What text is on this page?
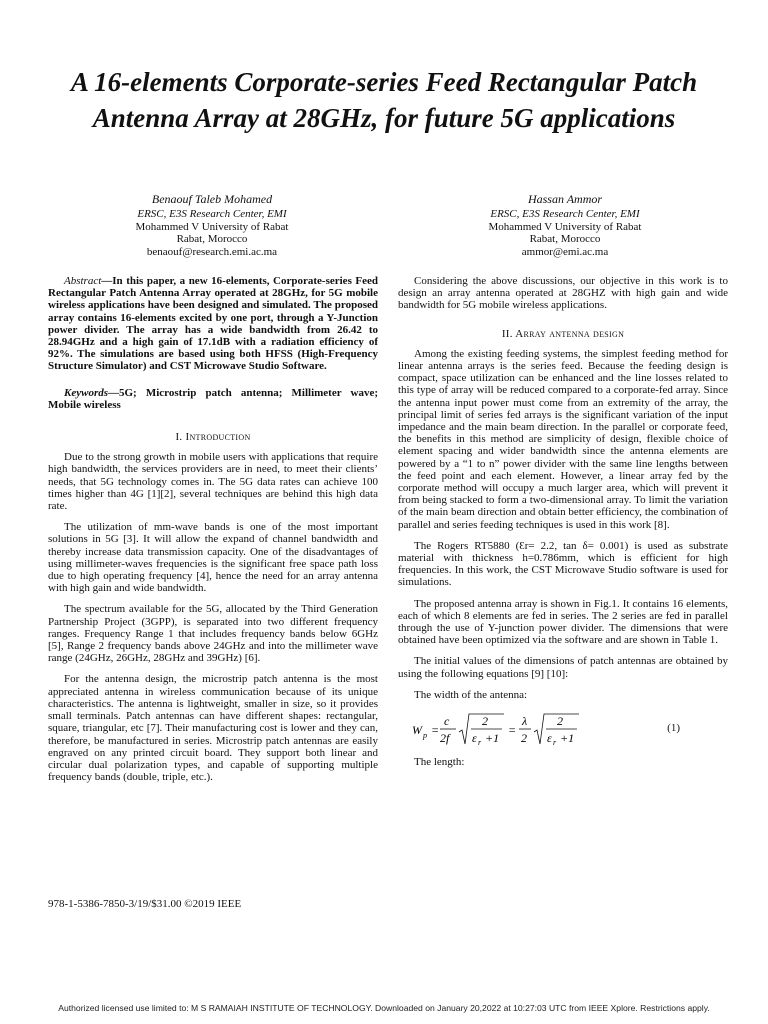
A 16-elements Corporate-series Feed Rectangular Patch Antenna Array at 28GHz, for future 5G applications
Benaouf Taleb Mohamed
ERSC, E3S Research Center, EMI
Mohammed V University of Rabat
Rabat, Morocco
benaouf@research.emi.ac.ma
Hassan Ammor
ERSC, E3S Research Center, EMI
Mohammed V University of Rabat
Rabat, Morocco
ammor@emi.ac.ma

Abstract—In this paper, a new 16-elements, Corporate-series Feed Rectangular Patch Antenna Array operated at 28GHz, for 5G mobile wireless applications have been designed and simulated. The proposed array contains 16-elements excited by one port, through a Y-Junction power divider. The array has a wide bandwidth from 26.42 to 28.94GHz and a high gain of 17.1dB with a radiation efficiency of 92%. The simulations are based using both HFSS (High-Frequency Structure Simulator) and CST Microwave Studio Software.

Keywords—5G; Microstrip patch antenna; Millimeter wave; Mobile wireless

I. Introduction

Due to the strong growth in mobile users with applications that require high bandwidth, the services providers are in need, to meet their clients’ needs, that 5G technology comes in. The 5G data rates can achieve 100 times higher than 4G [1][2], several techniques are behind this high data rate.

The utilization of mm-wave bands is one of the most important solutions in 5G [3]. It will allow the expand of channel bandwidth and thereby increase data transmission capacity. One of the disadvantages of using millimeter-waves frequencies is the significant free space path loss due to high operating frequency [4], hence the need for an array antenna with high gain and wide bandwidth.

The spectrum available for the 5G, allocated by the Third Generation Partnership Project (3GPP), is separated into two different frequency ranges. Frequency Range 1 that includes frequency bands below 6GHz [5], Range 2 frequency bands above 24GHz and into the millimeter wave range (24GHz, 26GHz, 28GHz and 39GHz) [6].

For the antenna design, the microstrip patch antenna is the most appreciated antenna in wireless communication because of its unique characteristics. The antenna is lightweight, smaller in size, so it provides small terminals. Patch antennas can have different shapes: rectangular, square, triangular, etc [7]. Their manufacturing cost is lower and they can, therefore, be manufactured in series. Microstrip patch antennas are easily engraved on any printed circuit board. They support both linear and circular dual polarization types, and capable of supporting multiple frequency bands (double, triple, etc.).

Considering the above discussions, our objective in this work is to design an array antenna operated at 28GHZ with high gain and wide bandwidth for 5G mobile wireless applications.

II. Array antenna design

Among the existing feeding systems, the simplest feeding method for linear antenna arrays is the series feed. Because the feeding design is compact, space utilization can be enhanced and the line losses related to this type of array will be reduced compared to a corporate-fed array. Since the antenna input power must come from an extremity of the array, the principal limit of series fed arrays is the significant variation of the input impedance and the main beam direction. In the parallel or corporate feed, the benefits in this method are simplicity of design, flexible choice of element spacing and wider bandwidth since the antenna elements are powered by a “1 to n” power divider with the same line lengths between the feed point and each element. However, a linear array fed by the corporate method will occupy a much larger area, which will prevent it from being stacked to form a two-dimensional array. To limit the variation of the main beam direction and obtain better efficiency, the combination of parallel and series feeding techniques is used in this work [8].

The Rogers RT5880 (Ɛr= 2.2, tan δ= 0.001) is used as substrate material with thickness h=0.786mm, which is efficient for high frequencies. In this work, the CST Microwave Studio software is used for simulations.

The proposed antenna array is shown in Fig.1. It contains 16 elements, each of which 8 elements are fed in series. The 2 series are fed in parallel through the use of Y-junction power divider. The dimensions that were obtained have been optimized via the software and are shown in Table 1.

The initial values of the dimensions of patch antennas are obtained by using the following equations [9] [10]:

The width of the antenna:

W p =
c
2f
2
ε r +1
=
λ
2
2
ε r +1
(1)

The length:

978-1-5386-7850-3/19/$31.00 ©2019 IEEE
Authorized licensed use limited to: M S RAMAIAH INSTITUTE OF TECHNOLOGY. Downloaded on January 20,2022 at 10:27:03 UTC from IEEE Xplore. Restrictions apply.
